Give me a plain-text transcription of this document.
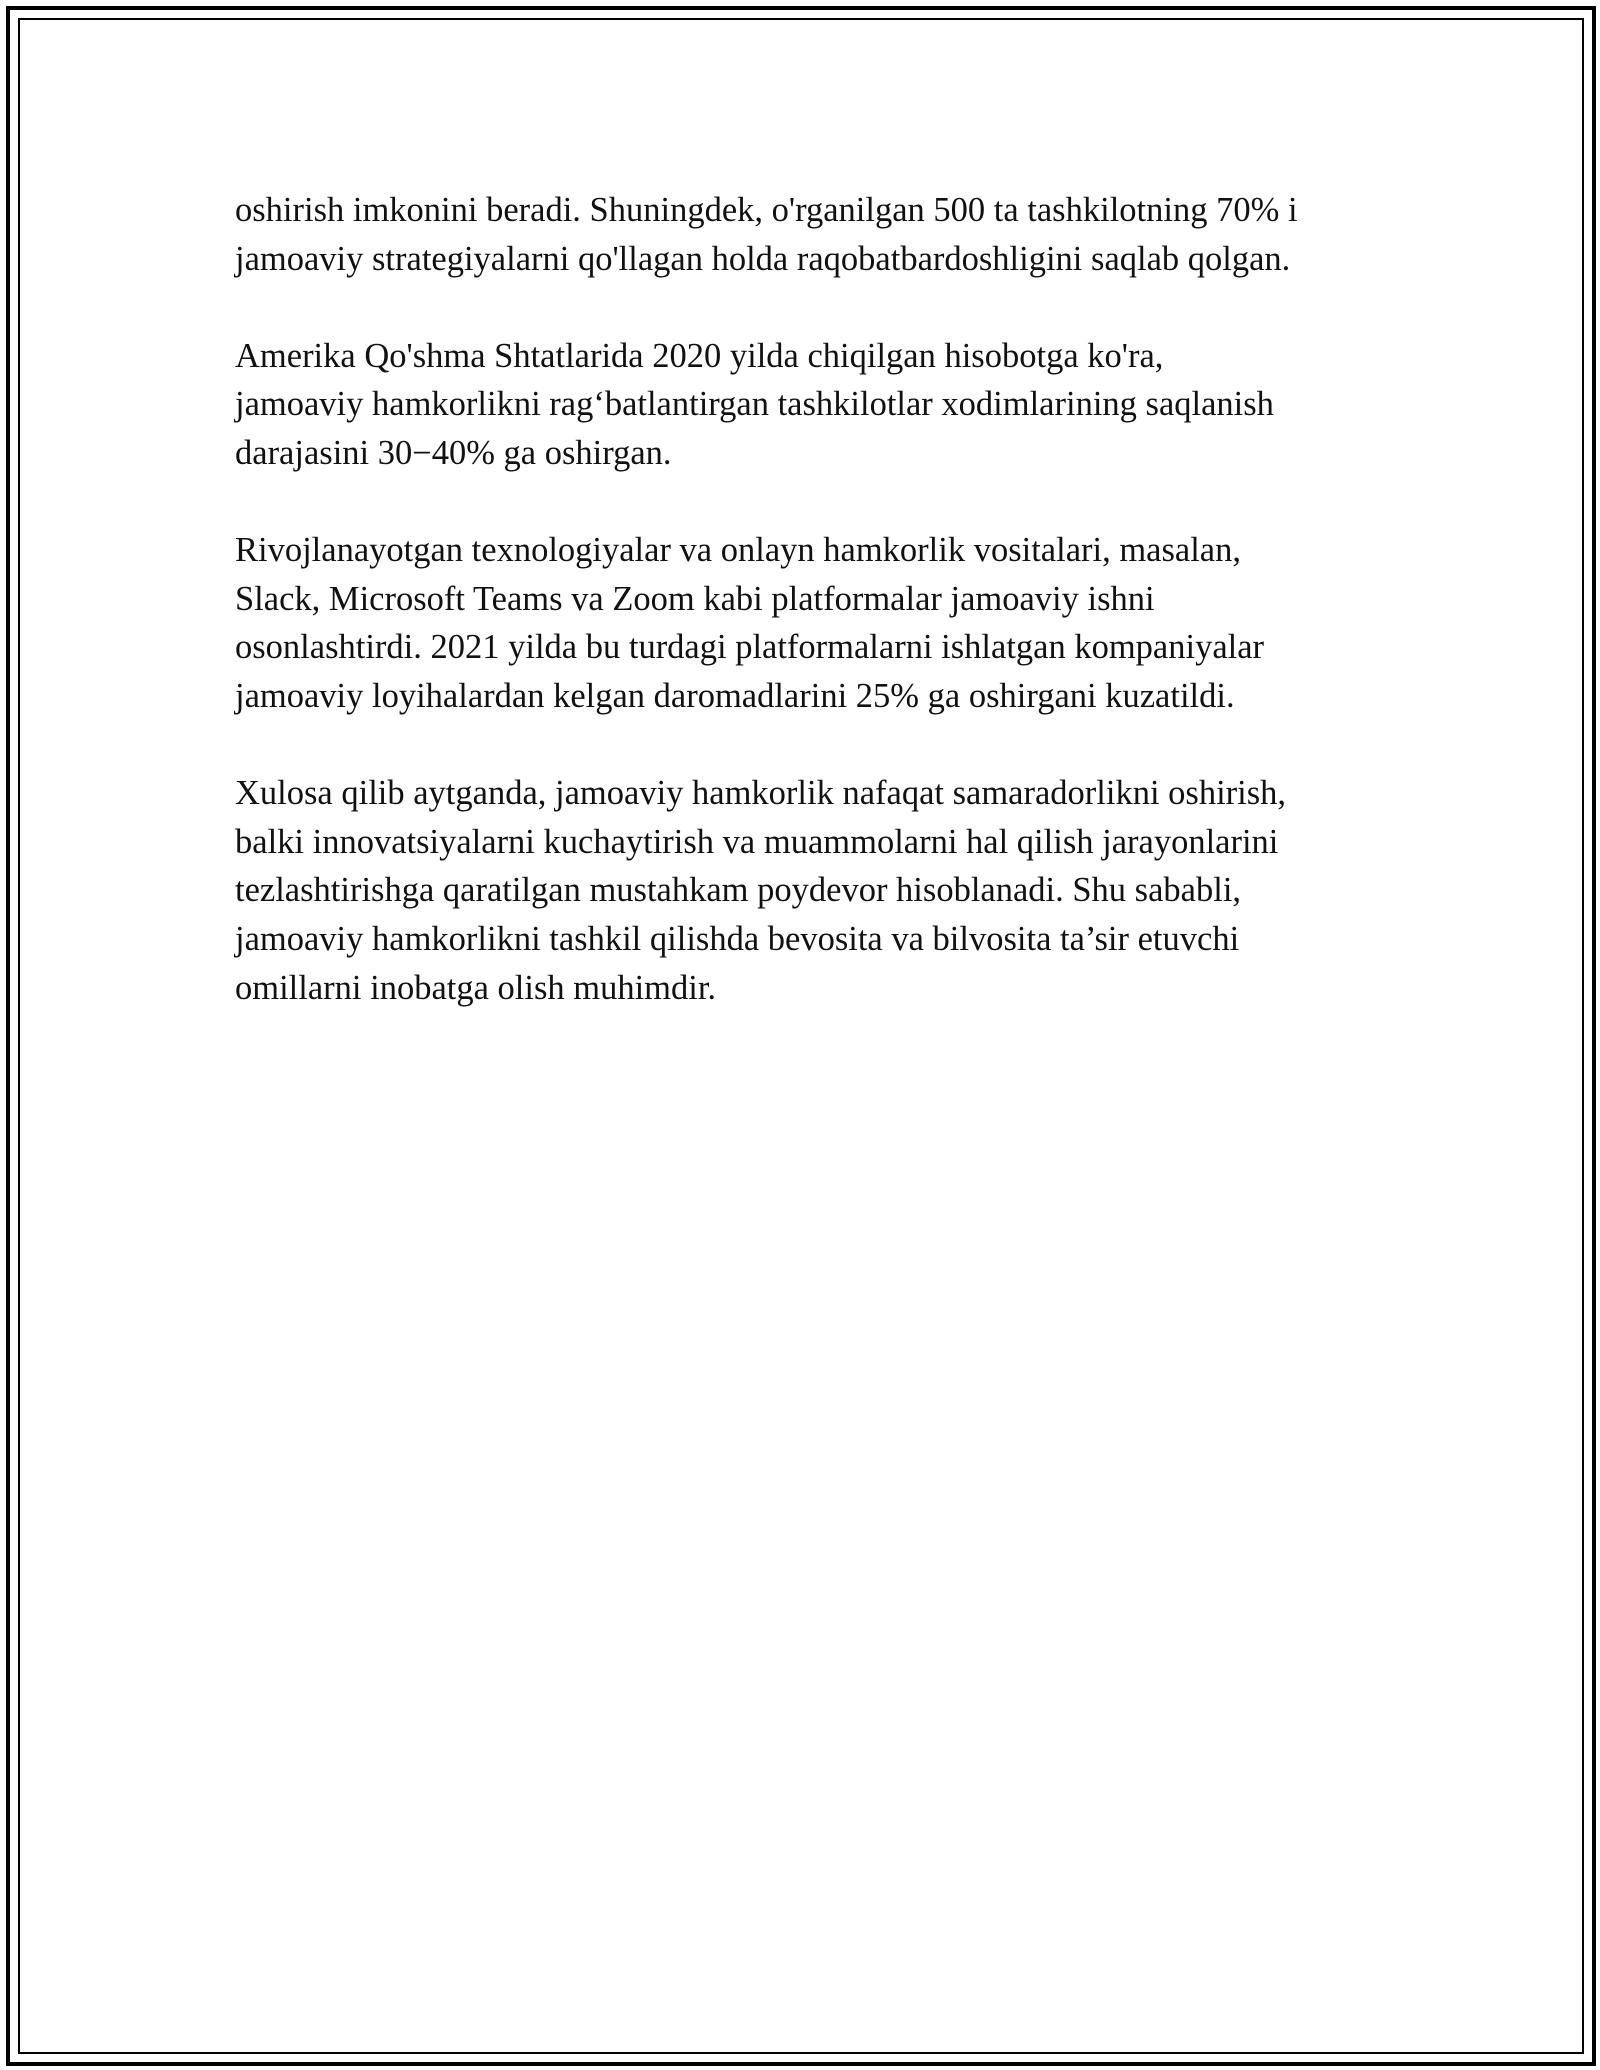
oshirish imkonini beradi. Shuningdek, o'rganilgan 500 ta tashkilotning 70% i
jamoaviy strategiyalarni qo'llagan holda raqobatbardoshligini saqlab qolgan.

Amerika Qo'shma Shtatlarida 2020 yilda chiqilgan hisobotga ko'ra,
jamoaviy hamkorlikni rag‘batlantirgan tashkilotlar xodimlarining saqlanish
darajasini 30−40% ga oshirgan.

Rivojlanayotgan texnologiyalar va onlayn hamkorlik vositalari, masalan,
Slack, Microsoft Teams va Zoom kabi platformalar jamoaviy ishni
osonlashtirdi. 2021 yilda bu turdagi platformalarni ishlatgan kompaniyalar
jamoaviy loyihalardan kelgan daromadlarini 25% ga oshirgani kuzatildi.

Xulosa qilib aytganda, jamoaviy hamkorlik nafaqat samaradorlikni oshirish,
balki innovatsiyalarni kuchaytirish va muammolarni hal qilish jarayonlarini
tezlashtirishga qaratilgan mustahkam poydevor hisoblanadi. Shu sababli,
jamoaviy hamkorlikni tashkil qilishda bevosita va bilvosita ta’sir etuvchi
omillarni inobatga olish muhimdir.
